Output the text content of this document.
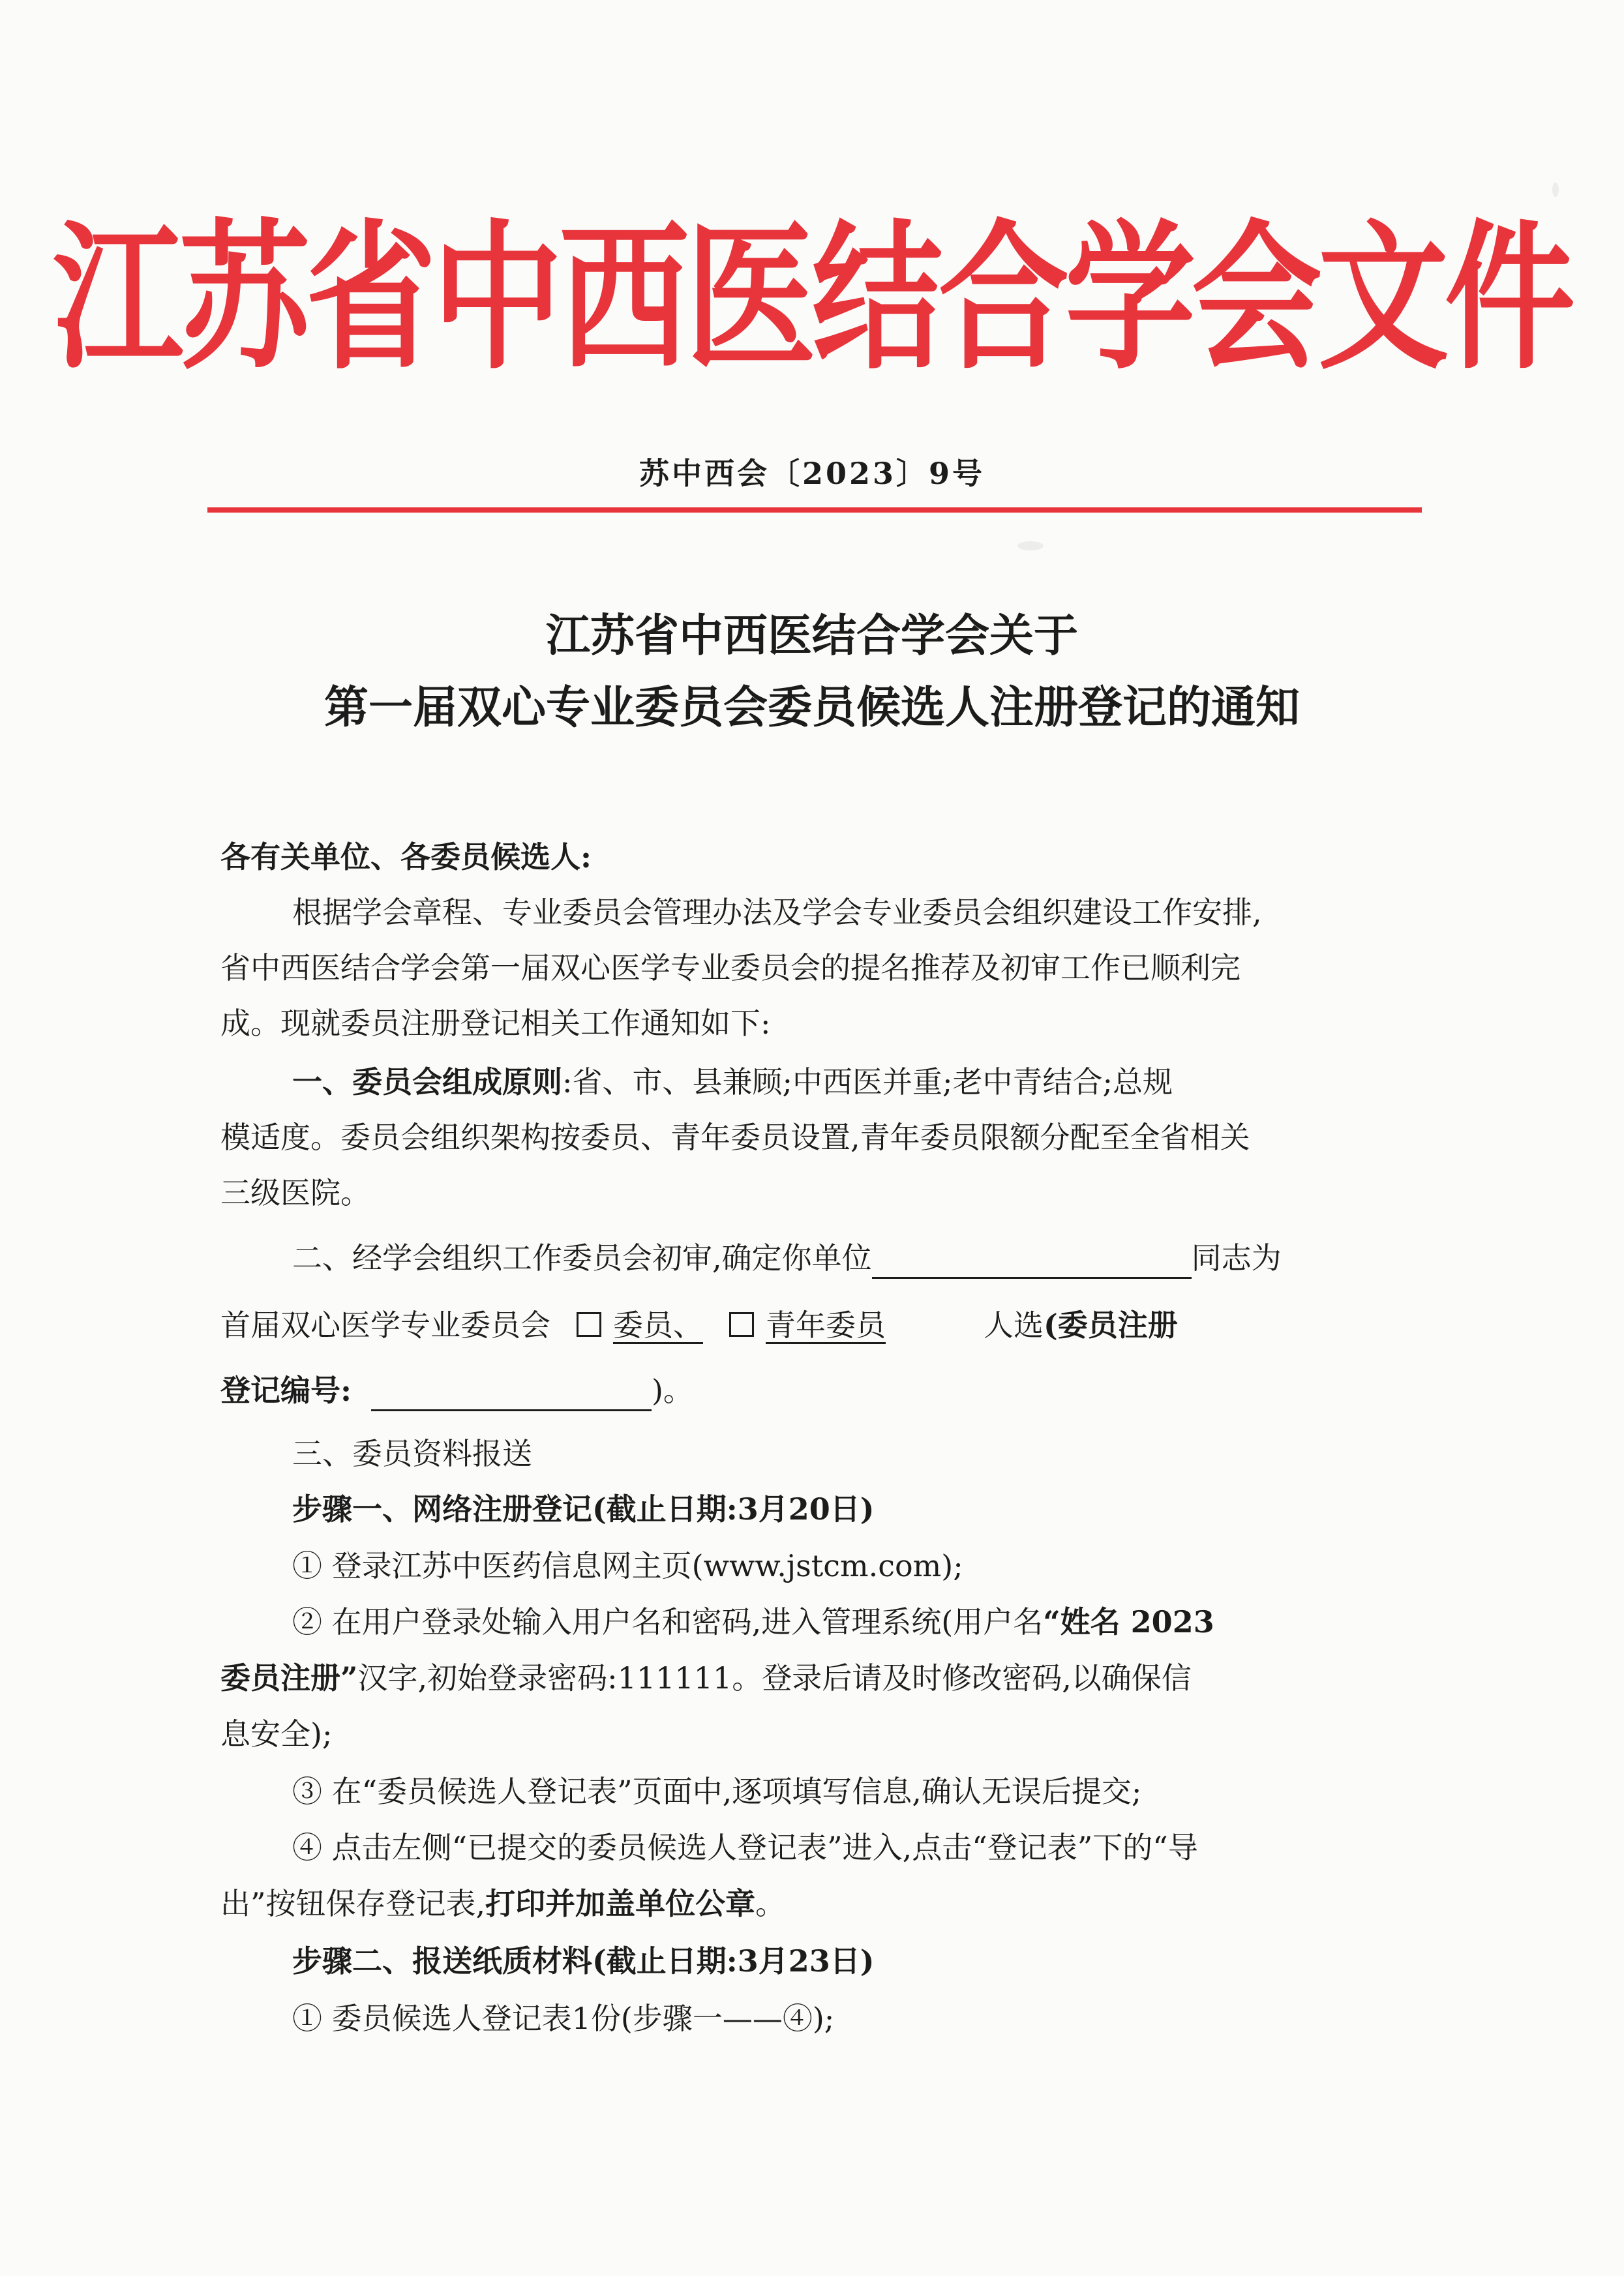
江苏省中西医结合学会文件
苏中西会〔2023〕9号
江苏省中西医结合学会关于
第一届双心专业委员会委员候选人注册登记的通知
各有关单位、各委员候选人:
根据学会章程、专业委员会管理办法及学会专业委员会组织建设工作安排,
省中西医结合学会第一届双心医学专业委员会的提名推荐及初审工作已顺利完
成。现就委员注册登记相关工作通知如下:
一、委员会组成原则:省、市、县兼顾;中西医并重;老中青结合;总规
模适度。委员会组织架构按委员、青年委员设置,青年委员限额分配至全省相关
三级医院。
二、经学会组织工作委员会初审,确定你单位	同志为
首届双心医学专业委员会 委员、 青年委员	人选(委员注册
登记编号:	)。
三、委员资料报送
步骤一、网络注册登记(截止日期:3月20日)
① 登录江苏中医药信息网主页(www.jstcm.com);
② 在用户登录处输入用户名和密码,进入管理系统(用户名“姓名 2023
委员注册”汉字,初始登录密码:111111。登录后请及时修改密码,以确保信
息安全);
③ 在“委员候选人登记表”页面中,逐项填写信息,确认无误后提交;
④ 点击左侧“已提交的委员候选人登记表”进入,点击“登记表”下的“导
出”按钮保存登记表,打印并加盖单位公章。
步骤二、报送纸质材料(截止日期:3月23日)
① 委员候选人登记表1份(步骤一——④);
